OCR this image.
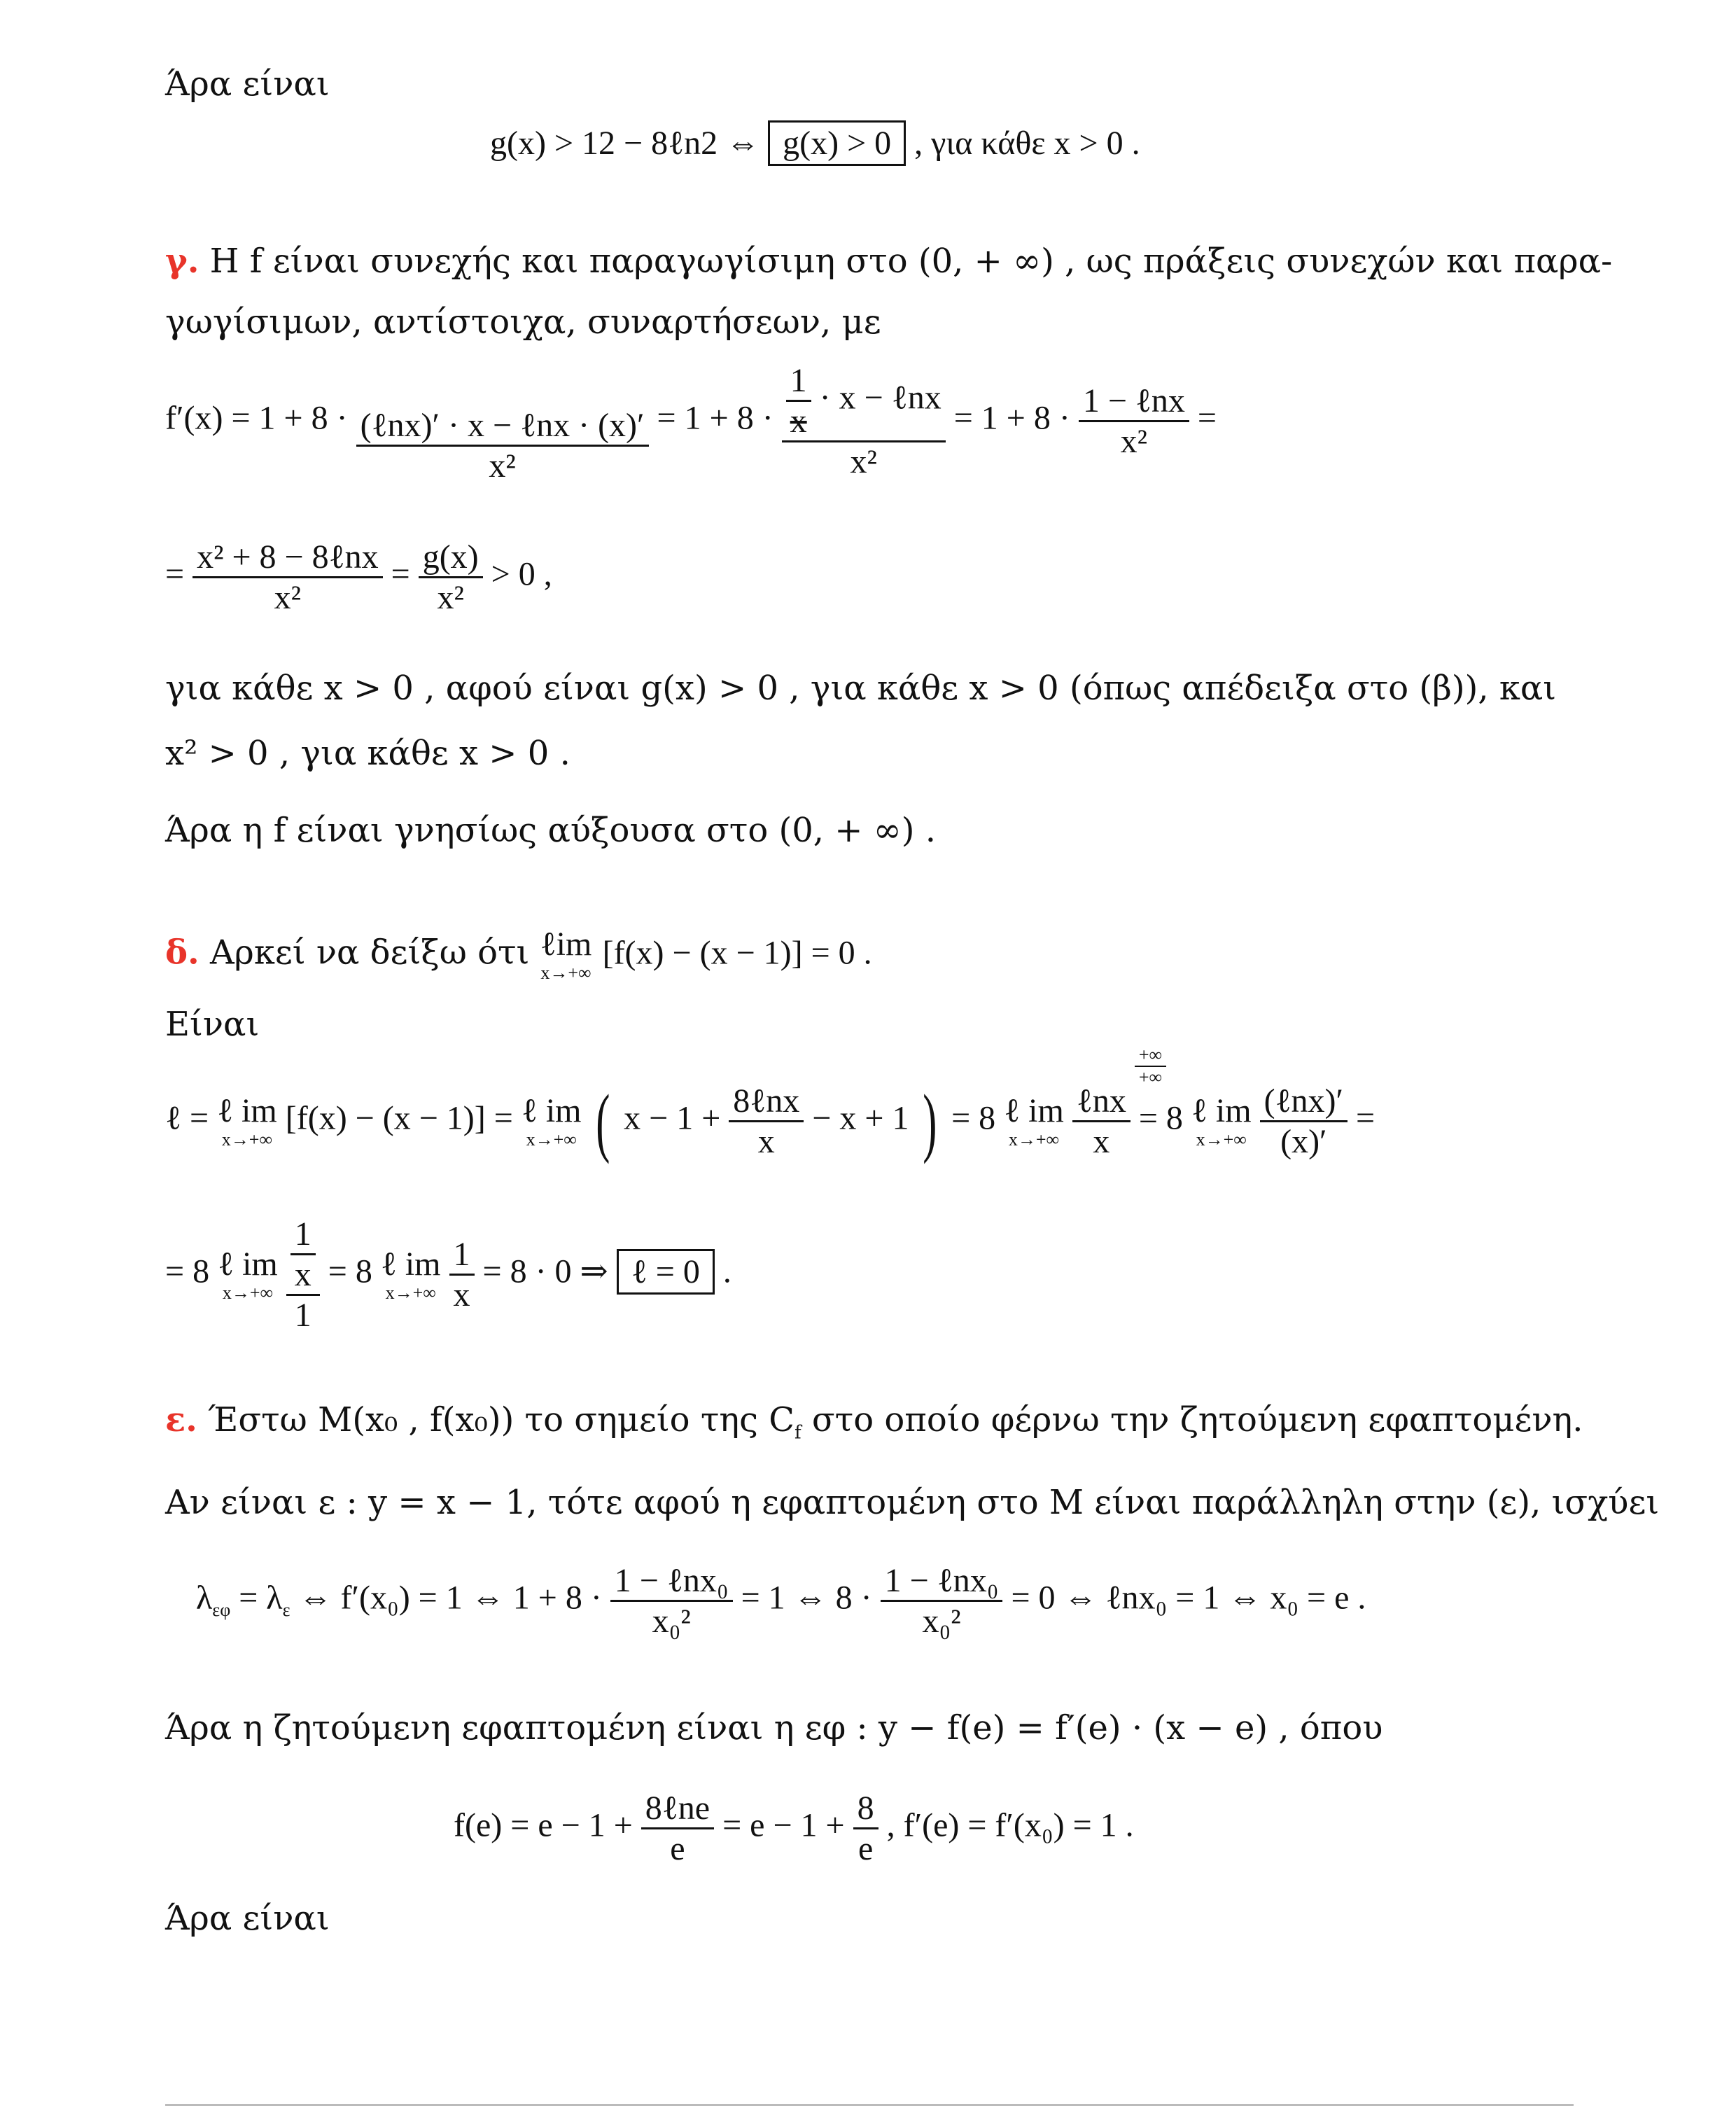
Άρα είναι
g(x) > 12 − 8ℓn2 ⇔ g(x) > 0 , για κάθε x > 0 .
γ. Η f είναι συνεχής και παραγωγίσιμη στο (0, + ∞) , ως πράξεις συνεχών και παρα-
γωγίσιμων, αντίστοιχα, συναρτήσεων, με
$f'(x) = 1 + 8 \cdot \frac{\text{(ℓnx)′ · x − ℓnx · (x)′}}{\text{x²}} = 1 + 8 \cdot \frac{\frac{1}{x} \cdot x - \ell nx}{\text{x²}} = 1 + 8 \cdot \frac{\text{1 − ℓnx}}{\text{x²}}$ =
= $\frac{\text{x² + 8 − 8ℓnx}}{\text{x²}} = \frac{g(x)}{\text{x²}} > 0$ ,
για κάθε x > 0 , αφού είναι g(x) > 0 , για κάθε x > 0 (όπως απέδειξα στο (β)), και
x² > 0 , για κάθε x > 0 .
Άρα η f είναι γνησίως αύξουσα στο (0, + ∞) .
δ. Αρκεί να δείξω ότι ℓim
x→+∞
[f(x) − (x − 1)] = 0 .
Είναι
ℓ = ℓ im
x→+∞
[f(x) − (x − 1)] = ℓ im
x→+∞ ( $x - 1 + \frac{\text{8ℓnx}}{x} - x + 1$ ) = 8 ℓ im
x→+∞
$\frac{\text{ℓnx}}{x}$

+∞
+∞
= 8 ℓ im
x→+∞
$\frac{\text{(ℓnx)′}}{(x)'}$ =
= 8 ℓ im
x→+∞
$\frac{\frac{1}{x}}{1} = 8$ ℓ im
x→+∞
$\frac{1}{x} = 8 \cdot 0$ ⇒ ℓ = 0 .
ε. Έστω M(x₀ , f(x₀)) το σημείο της $C_f$ στο οποίο φέρνω την ζητούμενη εφαπτομένη.
Αν είναι ε : y = x − 1, τότε αφού η εφαπτομένη στο Μ είναι παράλληλη στην (ε), ισχύει
$\lambda_{\varepsilon\varphi} = \lambda_\varepsilon$ ⇔ f′(x₀) = 1 ⇔ $1 + 8 \cdot \frac{\text{1 − ℓnx₀}}{\text{x₀²}} = 1$ ⇔ $8 \cdot \frac{\text{1 − ℓnx₀}}{\text{x₀²}} = 0$ ⇔ ℓnx₀ = 1 ⇔ x₀ = e .
Άρα η ζητούμενη εφαπτομένη είναι η εφ : y − f(e) = f′(e) · (x − e) , όπου
$f(e) = e - 1 + \frac{\text{8ℓne}}{e} = e - 1 + \frac{8}{e}$ , f′(e) = f′(x₀) = 1 .
Άρα είναι
